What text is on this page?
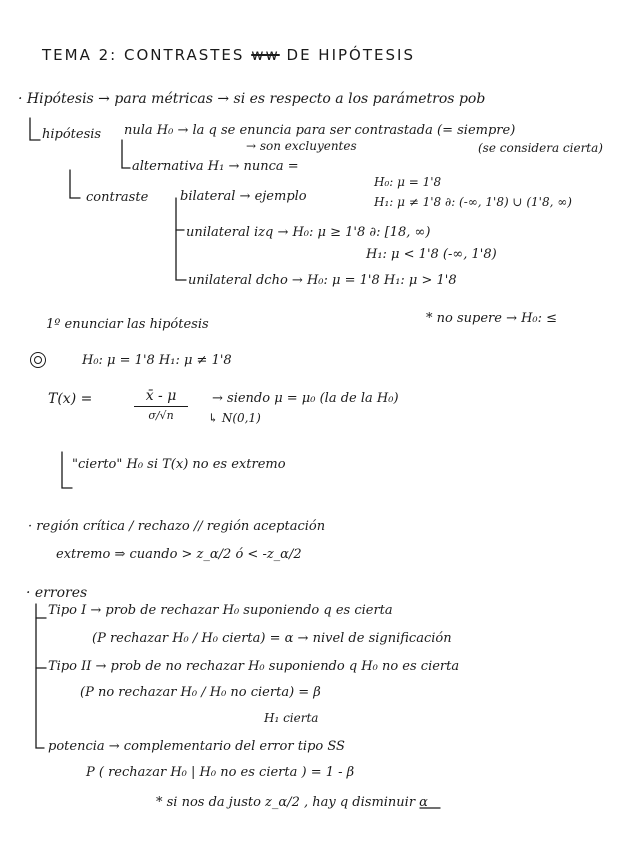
TEMA 2: CONTRASTES ww DE HIPÓTESIS
· Hipótesis → para métricas → si es respecto a los parámetros pob
hipótesis nula H₀ → la q se enuncia para ser contrastada (= siempre)
→ son excluyentes	(se considera cierta)
alternativa H₁ → nunca =
contraste bilateral → ejemplo
H₀: μ = 1'8
H₁: μ ≠ 1'8 ∂: (-∞, 1'8) ∪ (1'8, ∞)
unilateral izq → H₀: μ ≥ 1'8 ∂: [18, ∞)
H₁: μ < 1'8 (-∞, 1'8)
unilateral dcho → H₀: μ = 1'8 H₁: μ > 1'8
1º enunciar las hipótesis	* no supere → H₀: ≤
H₀: μ = 1'8 H₁: μ ≠ 1'8
T(x) =	x̄ - μ
σ/√n
→ siendo μ = μ₀ (la de la H₀)
↳ N(0,1)
"cierto" H₀ si T(x) no es extremo
· región crítica / rechazo // región aceptación
extremo ⇒ cuando > z_α/2 ó < -z_α/2
· errores
Tipo I → prob de rechazar H₀ suponiendo q es cierta
(P rechazar H₀ / H₀ cierta) = α → nivel de significación
Tipo II → prob de no rechazar H₀ suponiendo q H₀ no es cierta
(P no rechazar H₀ / H₀ no cierta) = β
H₁ cierta
potencia → complementario del error tipo SS
P ( rechazar H₀ | H₀ no es cierta ) = 1 - β
* si nos da justo z_α/2 , hay q disminuir α
